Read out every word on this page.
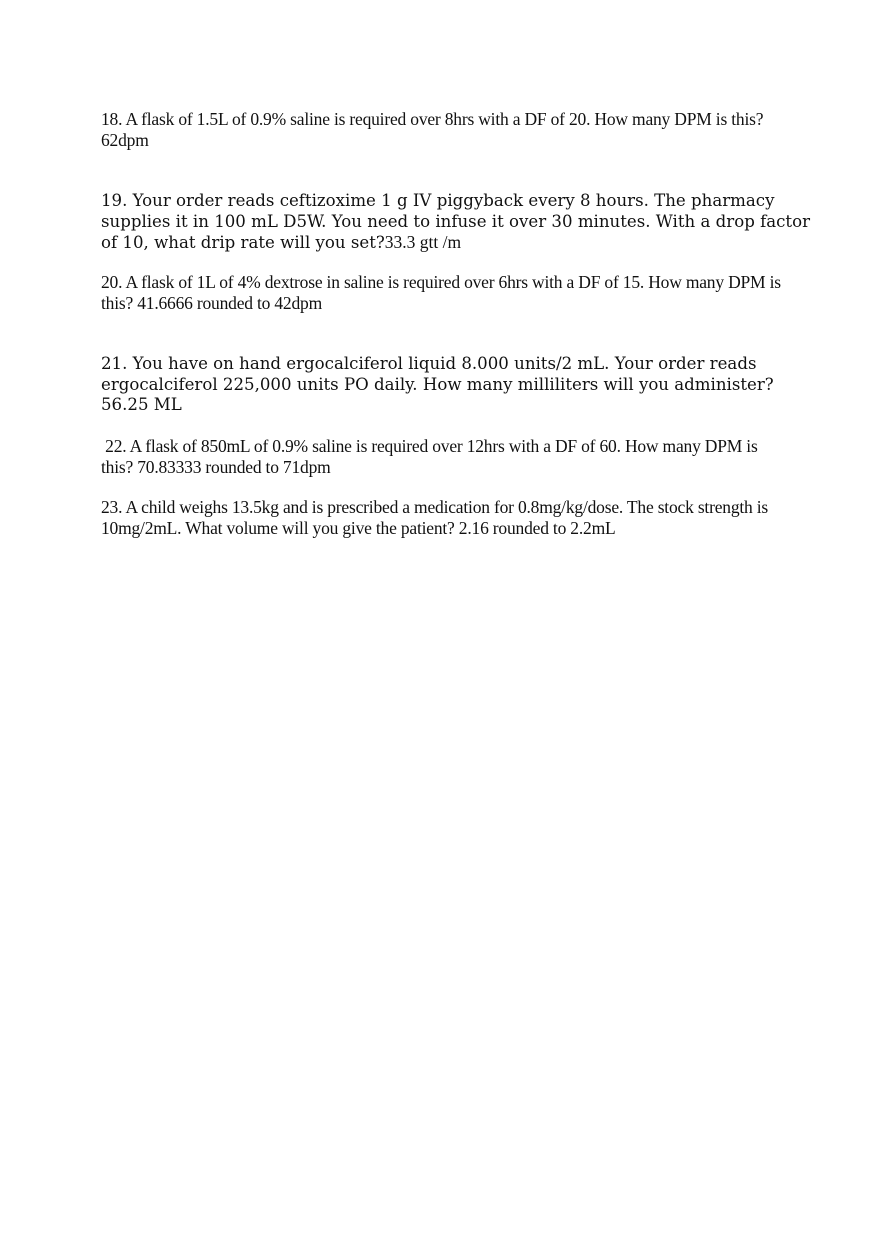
18. A flask of 1.5L of 0.9% saline is required over 8hrs with a DF of 20. How many DPM is this?
62dpm

19. Your order reads ceftizoxime 1 g IV piggyback every 8 hours. The pharmacy
supplies it in 100 mL D5W. You need to infuse it over 30 minutes. With a drop factor
of 10, what drip rate will you set?33.3 gtt /m

20. A flask of 1L of 4% dextrose in saline is required over 6hrs with a DF of 15. How many DPM is
this? 41.6666 rounded to 42dpm

21. You have on hand ergocalciferol liquid 8.000 units/2 mL. Your order reads
ergocalciferol 225,000 units PO daily. How many milliliters will you administer?
56.25 ML

22. A flask of 850mL of 0.9% saline is required over 12hrs with a DF of 60. How many DPM is
this? 70.83333 rounded to 71dpm

23. A child weighs 13.5kg and is prescribed a medication for 0.8mg/kg/dose. The stock strength is
10mg/2mL. What volume will you give the patient? 2.16 rounded to 2.2mL
